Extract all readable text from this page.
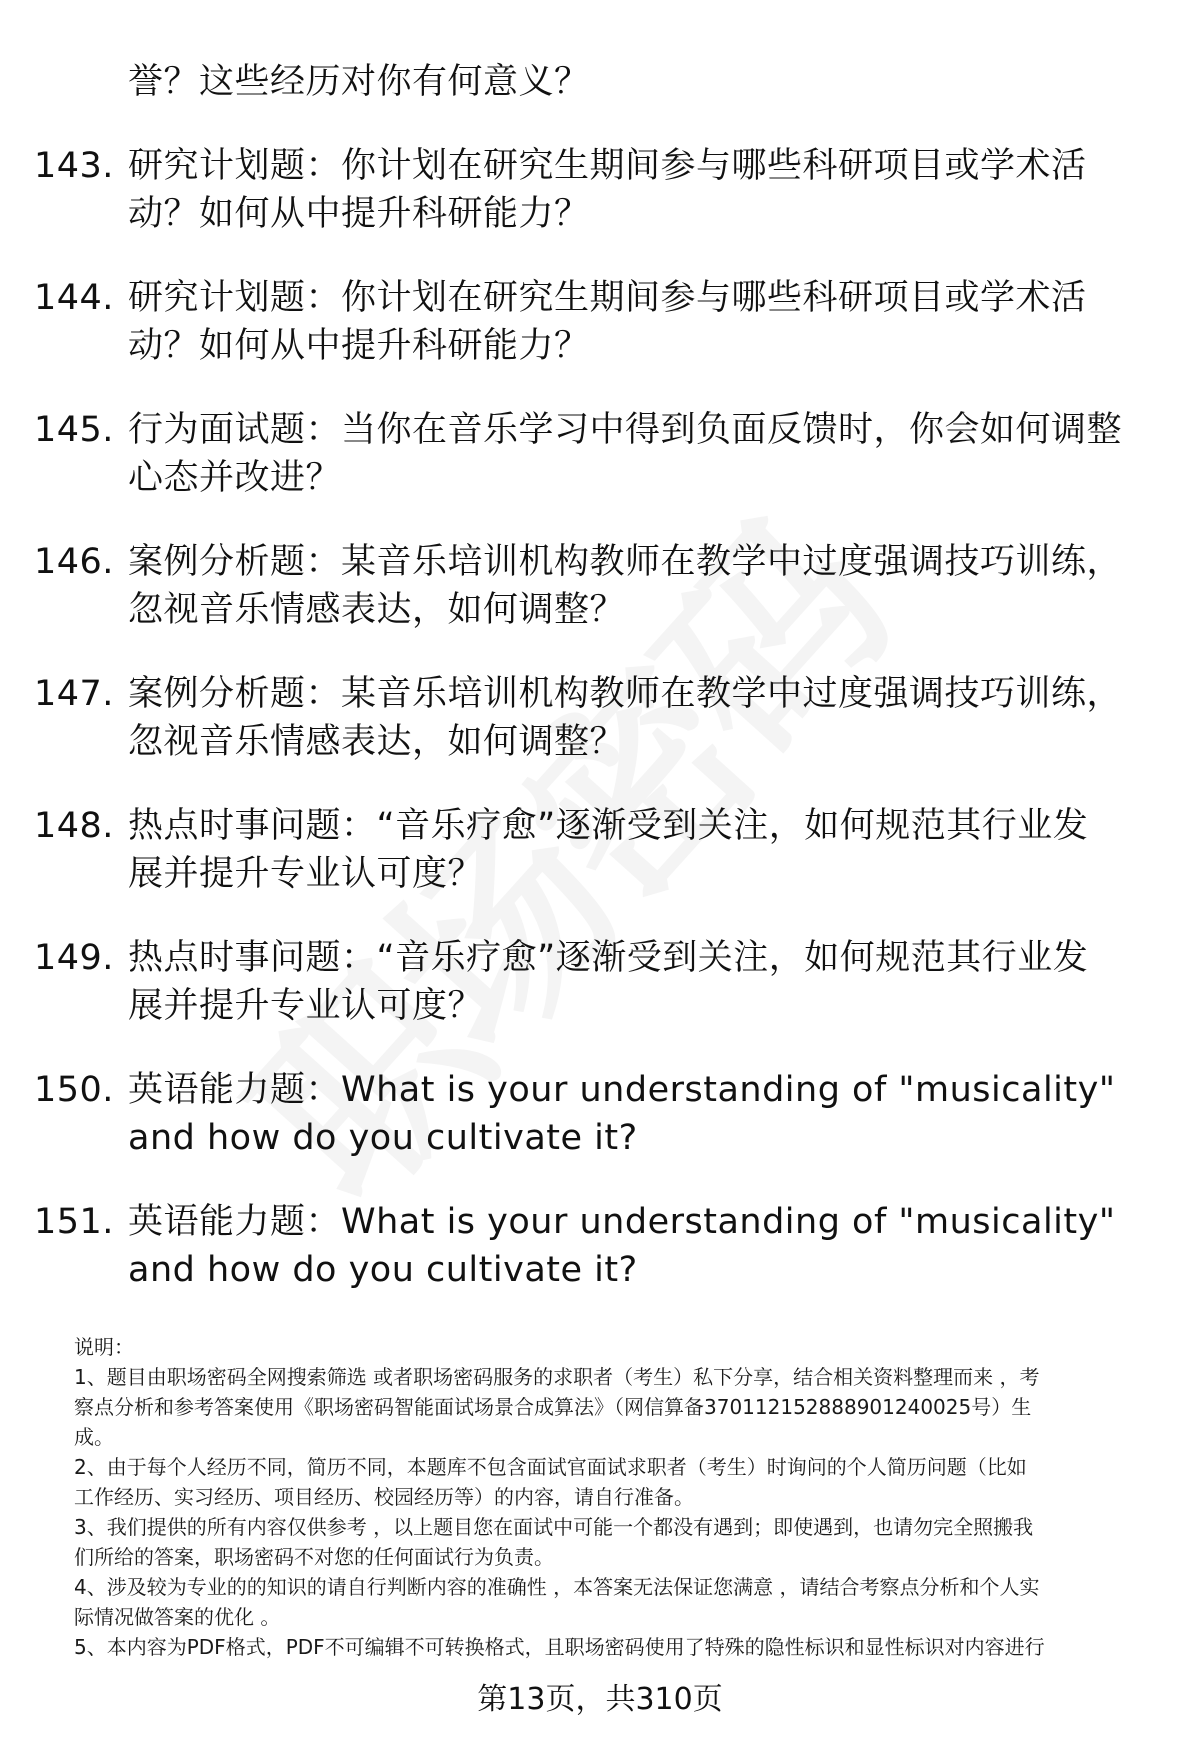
誉？这些经历对你有何意义？
143. 研究计划题：你计划在研究生期间参与哪些科研项目或学术活
动？如何从中提升科研能力？
144. 研究计划题：你计划在研究生期间参与哪些科研项目或学术活
动？如何从中提升科研能力？
145. 行为面试题：当你在音乐学习中得到负面反馈时，你会如何调整
心态并改进？
146. 案例分析题：某音乐培训机构教师在教学中过度强调技巧训练，
忽视音乐情感表达，如何调整？
147. 案例分析题：某音乐培训机构教师在教学中过度强调技巧训练，
忽视音乐情感表达，如何调整？
148. 热点时事问题：“音乐疗愈”逐渐受到关注，如何规范其行业发
展并提升专业认可度？
149. 热点时事问题：“音乐疗愈”逐渐受到关注，如何规范其行业发
展并提升专业认可度？
150. 英语能力题：What is your understanding of "musicality"
and how do you cultivate it?
151. 英语能力题：What is your understanding of "musicality"
and how do you cultivate it?
说明：
1、题目由职场密码全网搜索筛选 或者职场密码服务的求职者（考生）私下分享，结合相关资料整理而来 ，考
察点分析和参考答案使用《职场密码智能面试场景合成算法》（网信算备370112152888901240025号）生
成。
2、由于每个人经历不同，简历不同，本题库不包含面试官面试求职者（考生）时询问的个人简历问题（比如
工作经历、实习经历、项目经历、校园经历等）的内容，请自行准备。
3、我们提供的所有内容仅供参考 ，以上题目您在面试中可能一个都没有遇到；即使遇到，也请勿完全照搬我
们所给的答案，职场密码不对您的任何面试行为负责。
4、涉及较为专业的的知识的请自行判断内容的准确性 ，本答案无法保证您满意 ，请结合考察点分析和个人实
际情况做答案的优化 。
5、本内容为PDF格式，PDF不可编辑不可转换格式，且职场密码使用了特殊的隐性标识和显性标识对内容进行
第13页，共310页
